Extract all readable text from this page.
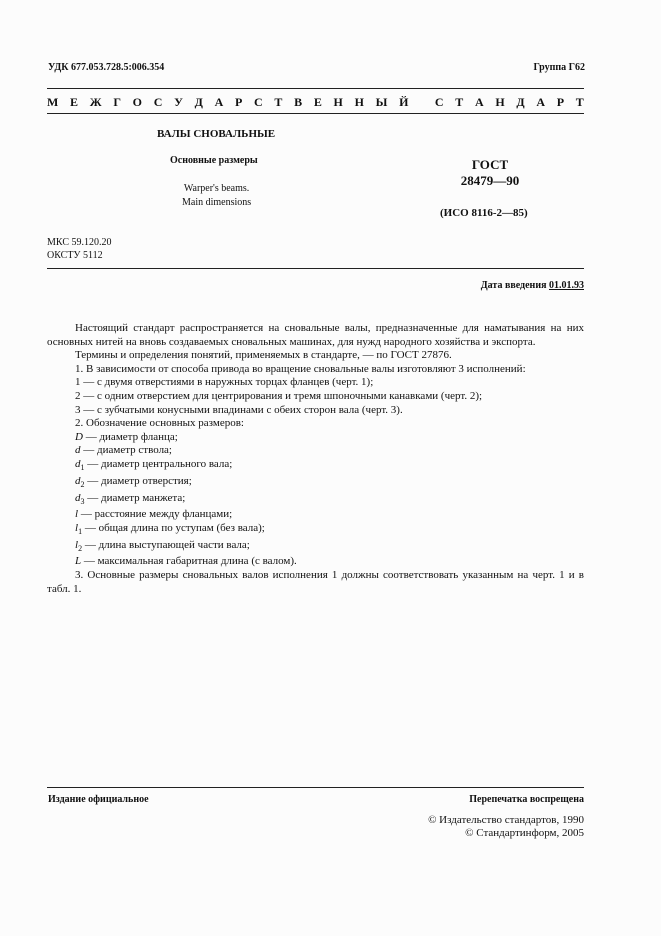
УДК 677.053.728.5:006.354	Группа Г62
М Е Ж Г О С У Д А Р С Т В Е Н Н Ы Й
С Т А Н Д А Р Т
ВАЛЫ СНОВАЛЬНЫЕ
Основные размеры
Warper's beams.
Main dimensions
ГОСТ
28479—90
(ИСО 8116-2—85)
МКС 59.120.20
ОКСТУ 5112
Дата введения 01.01.93

Настоящий стандарт распространяется на сновальные валы, предназначенные для наматывания на них основных нитей на вновь создаваемых сновальных машинах, для нужд народного хозяйства и экспорта.

Термины и определения понятий, применяемых в стандарте, — по ГОСТ 27876.

1. В зависимости от способа привода во вращение сновальные валы изготовляют 3 исполнений:

1 — с двумя отверстиями в наружных торцах фланцев (черт. 1);

2 — с одним отверстием для центрирования и тремя шпоночными канавками (черт. 2);

3 — с зубчатыми конусными впадинами с обеих сторон вала (черт. 3).

2. Обозначение основных размеров:

D — диаметр фланца;

d — диаметр ствола;

$d_1$ — диаметр центрального вала;

$d_2$ — диаметр отверстия;

$d_3$ — диаметр манжета;

l — расстояние между фланцами;

$l_1$ — общая длина по уступам (без вала);

$l_2$ — длина выступающей части вала;

L — максимальная габаритная длина (с валом).

3. Основные размеры сновальных валов исполнения 1 должны соответствовать указанным на черт. 1 и в табл. 1.

Издание официальное	Перепечатка воспрещена
© Издательство стандартов, 1990
© Стандартинформ, 2005
